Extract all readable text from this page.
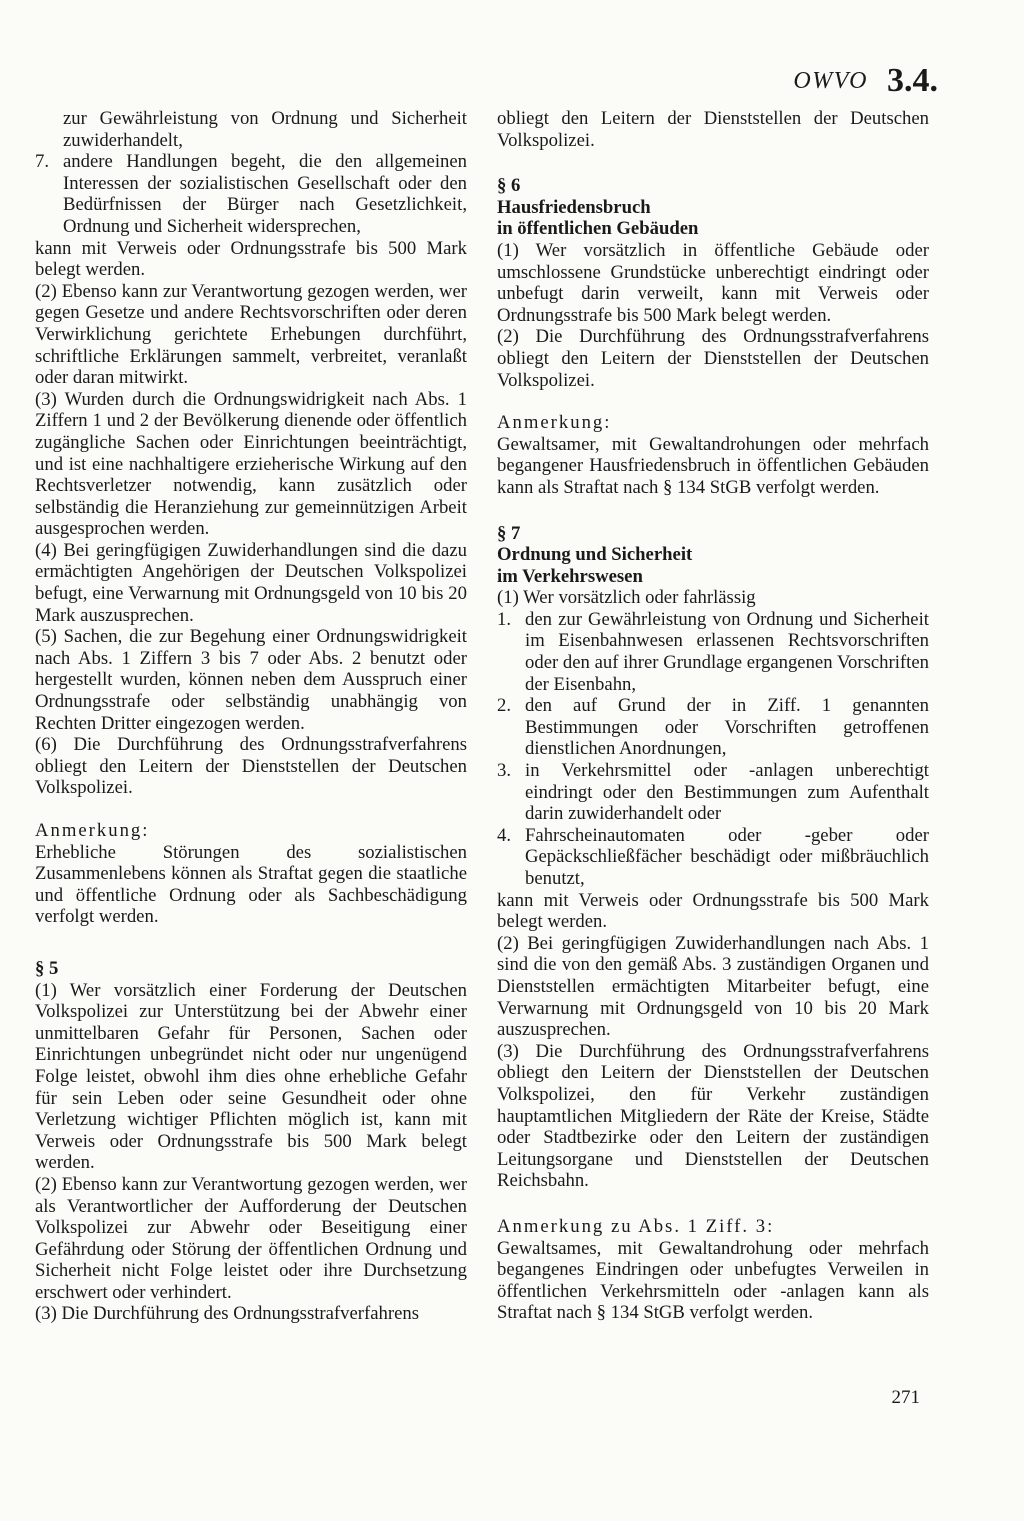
OWVO 3.4.

zur Gewährleistung von Ordnung und Sicherheit zuwiderhandelt,

7. andere Handlungen begeht, die den allgemeinen Interessen der sozialistischen Gesellschaft oder den Bedürfnissen der Bürger nach Gesetzlichkeit, Ordnung und Sicherheit widersprechen,

kann mit Verweis oder Ordnungsstrafe bis 500 Mark belegt werden.

(2) Ebenso kann zur Verantwortung gezogen werden, wer gegen Gesetze und andere Rechtsvorschriften oder deren Verwirklichung gerichtete Erhebungen durchführt, schriftliche Erklärungen sammelt, verbreitet, veranlaßt oder daran mitwirkt.

(3) Wurden durch die Ordnungswidrigkeit nach Abs. 1 Ziffern 1 und 2 der Bevölkerung dienende oder öffentlich zugängliche Sachen oder Einrichtungen beeinträchtigt, und ist eine nachhaltigere erzieherische Wirkung auf den Rechtsverletzer notwendig, kann zusätzlich oder selbständig die Heranziehung zur gemeinnützigen Arbeit ausgesprochen werden.

(4) Bei geringfügigen Zuwiderhandlungen sind die dazu ermächtigten Angehörigen der Deutschen Volkspolizei befugt, eine Verwarnung mit Ordnungsgeld von 10 bis 20 Mark auszusprechen.

(5) Sachen, die zur Begehung einer Ordnungswidrigkeit nach Abs. 1 Ziffern 3 bis 7 oder Abs. 2 benutzt oder hergestellt wurden, können neben dem Ausspruch einer Ordnungsstrafe oder selbständig unabhängig von Rechten Dritter eingezogen werden.

(6) Die Durchführung des Ordnungsstrafverfahrens obliegt den Leitern der Dienststellen der Deutschen Volkspolizei.

Anmerkung:

Erhebliche Störungen des sozialistischen Zusammenlebens können als Straftat gegen die staatliche und öffentliche Ordnung oder als Sachbeschädigung verfolgt werden.

§ 5

(1) Wer vorsätzlich einer Forderung der Deutschen Volkspolizei zur Unterstützung bei der Abwehr einer unmittelbaren Gefahr für Personen, Sachen oder Einrichtungen unbegründet nicht oder nur ungenügend Folge leistet, obwohl ihm dies ohne erhebliche Gefahr für sein Leben oder seine Gesundheit oder ohne Verletzung wichtiger Pflichten möglich ist, kann mit Verweis oder Ordnungsstrafe bis 500 Mark belegt werden.

(2) Ebenso kann zur Verantwortung gezogen werden, wer als Verantwortlicher der Aufforderung der Deutschen Volkspolizei zur Abwehr oder Beseitigung einer Gefährdung oder Störung der öffentlichen Ordnung und Sicherheit nicht Folge leistet oder ihre Durchsetzung erschwert oder verhindert.

(3) Die Durchführung des Ordnungsstrafverfahrens

obliegt den Leitern der Dienststellen der Deutschen Volkspolizei.

§ 6

Hausfriedensbruch

in öffentlichen Gebäuden

(1) Wer vorsätzlich in öffentliche Gebäude oder umschlossene Grundstücke unberechtigt eindringt oder unbefugt darin verweilt, kann mit Verweis oder Ordnungsstrafe bis 500 Mark belegt werden.

(2) Die Durchführung des Ordnungsstrafverfahrens obliegt den Leitern der Dienststellen der Deutschen Volkspolizei.

Anmerkung:

Gewaltsamer, mit Gewaltandrohungen oder mehrfach begangener Hausfriedensbruch in öffentlichen Gebäuden kann als Straftat nach § 134 StGB verfolgt werden.

§ 7

Ordnung und Sicherheit

im Verkehrswesen

(1) Wer vorsätzlich oder fahrlässig

1. den zur Gewährleistung von Ordnung und Sicherheit im Eisenbahnwesen erlassenen Rechtsvorschriften oder den auf ihrer Grundlage ergangenen Vorschriften der Eisenbahn,
2. den auf Grund der in Ziff. 1 genannten Bestimmungen oder Vorschriften getroffenen dienstlichen Anordnungen,
3. in Verkehrsmittel oder -anlagen unberechtigt eindringt oder den Bestimmungen zum Aufenthalt darin zuwiderhandelt oder
4. Fahrscheinautomaten oder -geber oder Gepäckschließfächer beschädigt oder mißbräuchlich benutzt,

kann mit Verweis oder Ordnungsstrafe bis 500 Mark belegt werden.

(2) Bei geringfügigen Zuwiderhandlungen nach Abs. 1 sind die von den gemäß Abs. 3 zuständigen Organen und Dienststellen ermächtigten Mitarbeiter befugt, eine Verwarnung mit Ordnungsgeld von 10 bis 20 Mark auszusprechen.

(3) Die Durchführung des Ordnungsstrafverfahrens obliegt den Leitern der Dienststellen der Deutschen Volkspolizei, den für Verkehr zuständigen hauptamtlichen Mitgliedern der Räte der Kreise, Städte oder Stadtbezirke oder den Leitern der zuständigen Leitungsorgane und Dienststellen der Deutschen Reichsbahn.

Anmerkung zu Abs. 1 Ziff. 3:

Gewaltsames, mit Gewaltandrohung oder mehrfach begangenes Eindringen oder unbefugtes Verweilen in öffentlichen Verkehrsmitteln oder -anlagen kann als Straftat nach § 134 StGB verfolgt werden.

271
